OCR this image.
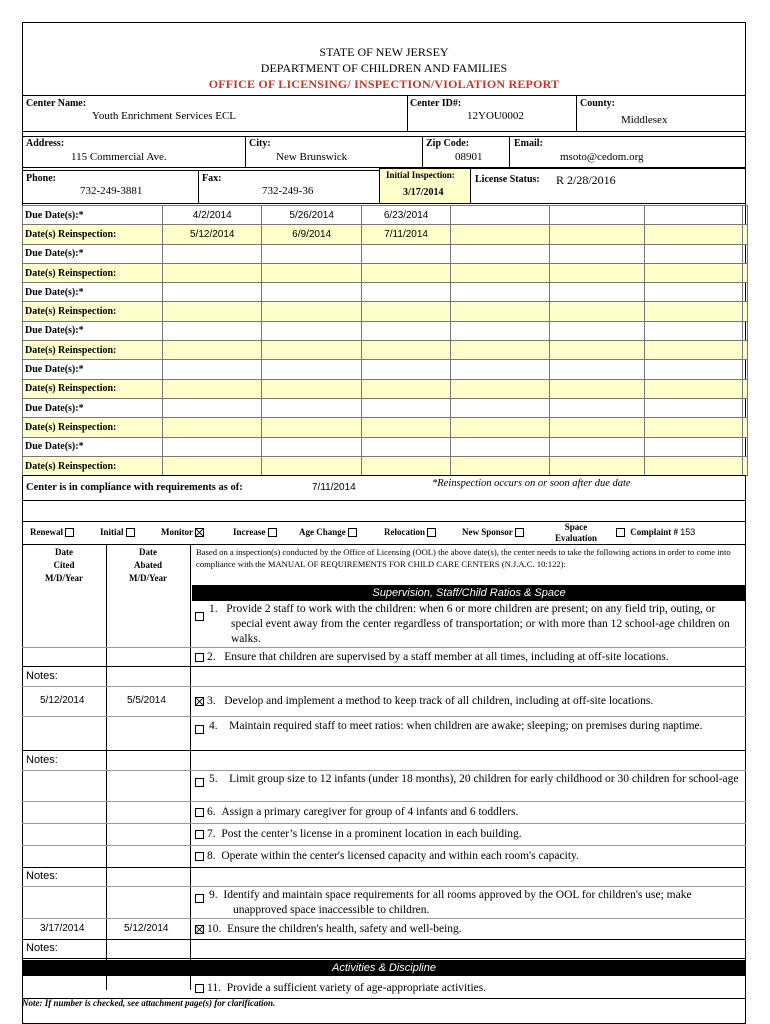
STATE OF NEW JERSEY
DEPARTMENT OF CHILDREN AND FAMILIES
OFFICE OF LICENSING/ INSPECTION/VIOLATION REPORT
Center Name:
Youth Enrichment Services ECL
Center ID#:
12YOU0002
County:
Middlesex
Address:
115 Commercial Ave.
City:
New Brunswick
Zip Code:
08901
Email:
msoto@cedom.org
Phone:
732-249-3881
Fax:
732-249-36
Initial Inspection:
3/17/2014
License Status: R 2/28/2016
Due Date(s):*	4/2/2014	5/26/2014	6/23/2014				
Date(s) Reinspection:	5/12/2014	6/9/2014	7/11/2014				
Due Date(s):*							
Date(s) Reinspection:							
Due Date(s):*							
Date(s) Reinspection:							
Due Date(s):*							
Date(s) Reinspection:							
Due Date(s):*							
Date(s) Reinspection:							
Due Date(s):*							
Date(s) Reinspection:							
Due Date(s):*							
Date(s) Reinspection:							
Center is in compliance with requirements as of:	7/11/2014	*Reinspection occurs on or soon after due date
Renewal	Initial	Monitor	Increase	Age Change	Relocation	New Sponsor	Space
Evaluation
Complaint # 153
Date
Cited
M/D/Year
Date
Abated
M/D/Year
Based on a inspection(s) conducted by the Office of Licensing (OOL) the above date(s), the center needs to take the following actions in order to come into compliance with the MANUAL OF REQUIREMENTS FOR CHILD CARE CENTERS (N.J.A.C. 10:122):
Supervision, Staff/Child Ratios & Space
1. Provide 2 staff to work with the children: when 6 or more children are present; on any field trip, outing, or special event away from the center regardless of transportation; or with more than 12 school-age children on walks.
2. Ensure that children are supervised by a staff member at all times, including at off-site locations.
Notes:
5/12/2014	5/5/2014	3. Develop and implement a method to keep track of all children, including at off-site locations.
4. Maintain required staff to meet ratios: when children are awake; sleeping; on premises during naptime.
Notes:
5. Limit group size to 12 infants (under 18 months), 20 children for early childhood or 30 children for school-age
6. Assign a primary caregiver for group of 4 infants and 6 toddlers.
7. Post the center’s license in a prominent location in each building.
8. Operate within the center's licensed capacity and within each room's capacity.
Notes:
9. Identify and maintain space requirements for all rooms approved by the OOL for children's use; make unapproved space inaccessible to children.
3/17/2014	5/12/2014	10. Ensure the children's health, safety and well-being.
Notes:
Activities & Discipline
11. Provide a sufficient variety of age-appropriate activities.
Note: If number is checked, see attachment page(s) for clarification.
